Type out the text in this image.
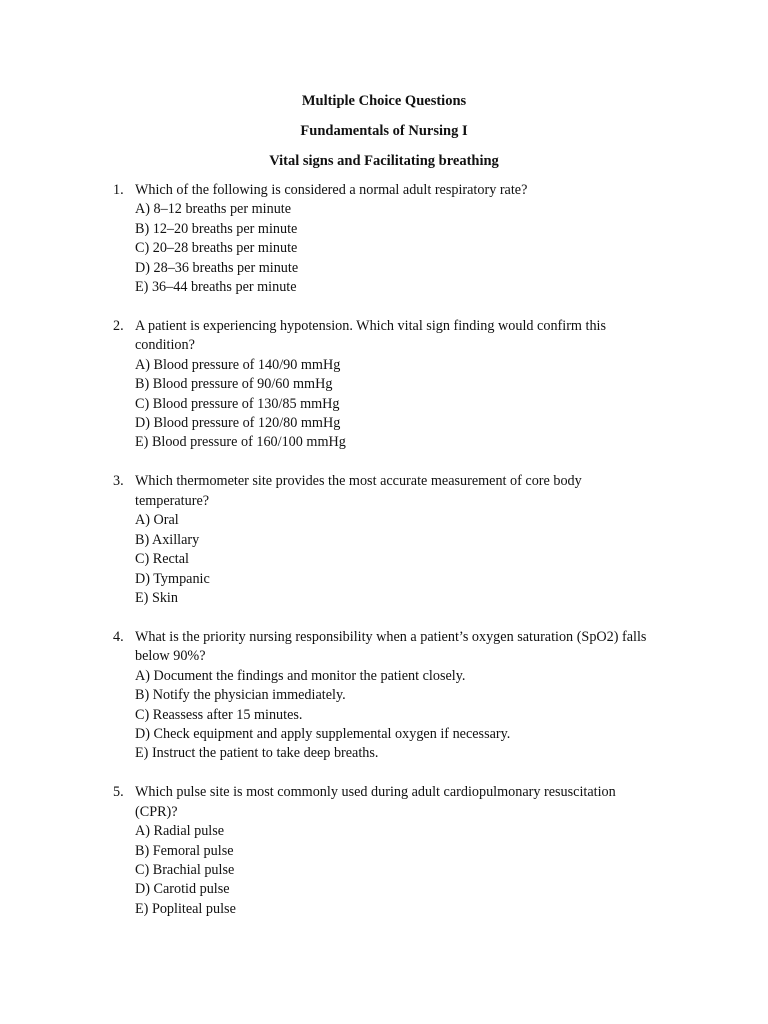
Multiple Choice Questions
Fundamentals of Nursing I
Vital signs and Facilitating breathing
1. Which of the following is considered a normal adult respiratory rate?
A) 8–12 breaths per minute
B) 12–20 breaths per minute
C) 20–28 breaths per minute
D) 28–36 breaths per minute
E) 36–44 breaths per minute
2. A patient is experiencing hypotension. Which vital sign finding would confirm this condition?
A) Blood pressure of 140/90 mmHg
B) Blood pressure of 90/60 mmHg
C) Blood pressure of 130/85 mmHg
D) Blood pressure of 120/80 mmHg
E) Blood pressure of 160/100 mmHg
3. Which thermometer site provides the most accurate measurement of core body temperature?
A) Oral
B) Axillary
C) Rectal
D) Tympanic
E) Skin
4. What is the priority nursing responsibility when a patient’s oxygen saturation (SpO2) falls below 90%?
A) Document the findings and monitor the patient closely.
B) Notify the physician immediately.
C) Reassess after 15 minutes.
D) Check equipment and apply supplemental oxygen if necessary.
E) Instruct the patient to take deep breaths.
5. Which pulse site is most commonly used during adult cardiopulmonary resuscitation (CPR)?
A) Radial pulse
B) Femoral pulse
C) Brachial pulse
D) Carotid pulse
E) Popliteal pulse
